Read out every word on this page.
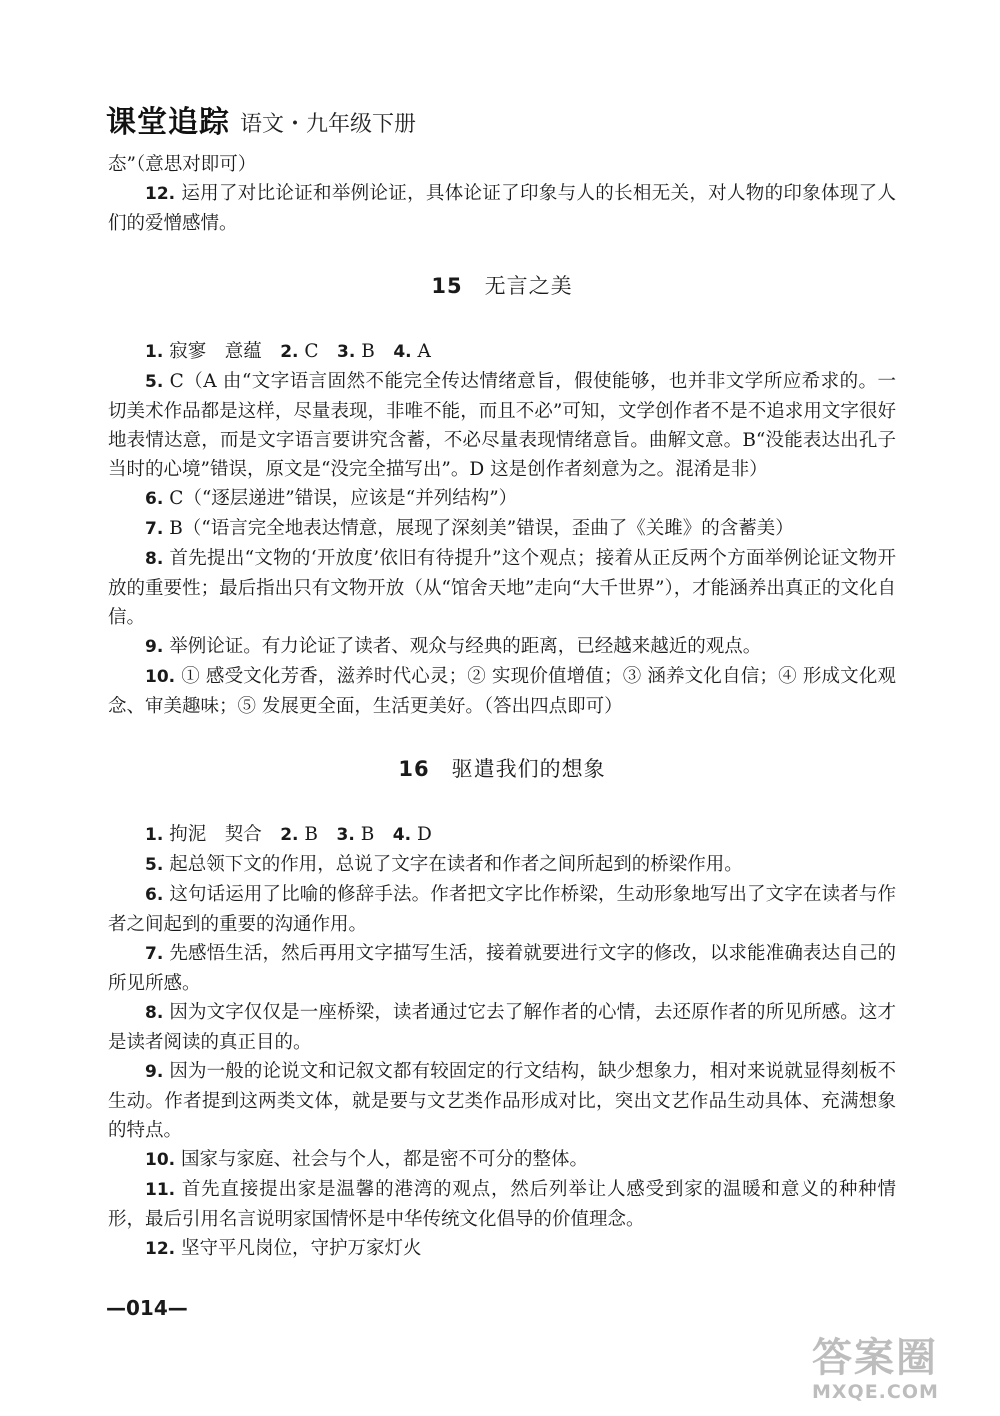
课堂追踪 语文・九年级下册

态”（意思对即可）

12. 运用了对比论证和举例论证，具体论证了印象与人的长相无关，对人物的印象体现了人们的爱憎感情。

15 无言之美

1. 寂寥　意蕴　2. C　3. B　4. A

5. C（A 由“文字语言固然不能完全传达情绪意旨，假使能够，也并非文学所应希求的。一切美术作品都是这样，尽量表现，非唯不能，而且不必”可知，文学创作者不是不追求用文字很好地表情达意，而是文字语言要讲究含蓄，不必尽量表现情绪意旨。曲解文意。B“没能表达出孔子当时的心境”错误，原文是“没完全描写出”。D 这是创作者刻意为之。混淆是非）

6. C（“逐层递进”错误，应该是“并列结构”）

7. B（“语言完全地表达情意，展现了深刻美”错误，歪曲了《关雎》的含蓄美）

8. 首先提出“文物的‘开放度’依旧有待提升”这个观点；接着从正反两个方面举例论证文物开放的重要性；最后指出只有文物开放（从“馆舍天地”走向“大千世界”），才能涵养出真正的文化自信。

9. 举例论证。有力论证了读者、观众与经典的距离，已经越来越近的观点。

10. ① 感受文化芳香，滋养时代心灵；② 实现价值增值；③ 涵养文化自信；④ 形成文化观念、审美趣味；⑤ 发展更全面，生活更美好。（答出四点即可）

16 驱遣我们的想象

1. 拘泥　契合　2. B　3. B　4. D

5. 起总领下文的作用，总说了文字在读者和作者之间所起到的桥梁作用。

6. 这句话运用了比喻的修辞手法。作者把文字比作桥梁，生动形象地写出了文字在读者与作者之间起到的重要的沟通作用。

7. 先感悟生活，然后再用文字描写生活，接着就要进行文字的修改，以求能准确表达自己的所见所感。

8. 因为文字仅仅是一座桥梁，读者通过它去了解作者的心情，去还原作者的所见所感。这才是读者阅读的真正目的。

9. 因为一般的论说文和记叙文都有较固定的行文结构，缺少想象力，相对来说就显得刻板不生动。作者提到这两类文体，就是要与文艺类作品形成对比，突出文艺作品生动具体、充满想象的特点。

10. 国家与家庭、社会与个人，都是密不可分的整体。

11. 首先直接提出家是温馨的港湾的观点，然后列举让人感受到家的温暖和意义的种种情形，最后引用名言说明家国情怀是中华传统文化倡导的价值理念。

12. 坚守平凡岗位，守护万家灯火

—014—
答案圈
MXQE.COM
